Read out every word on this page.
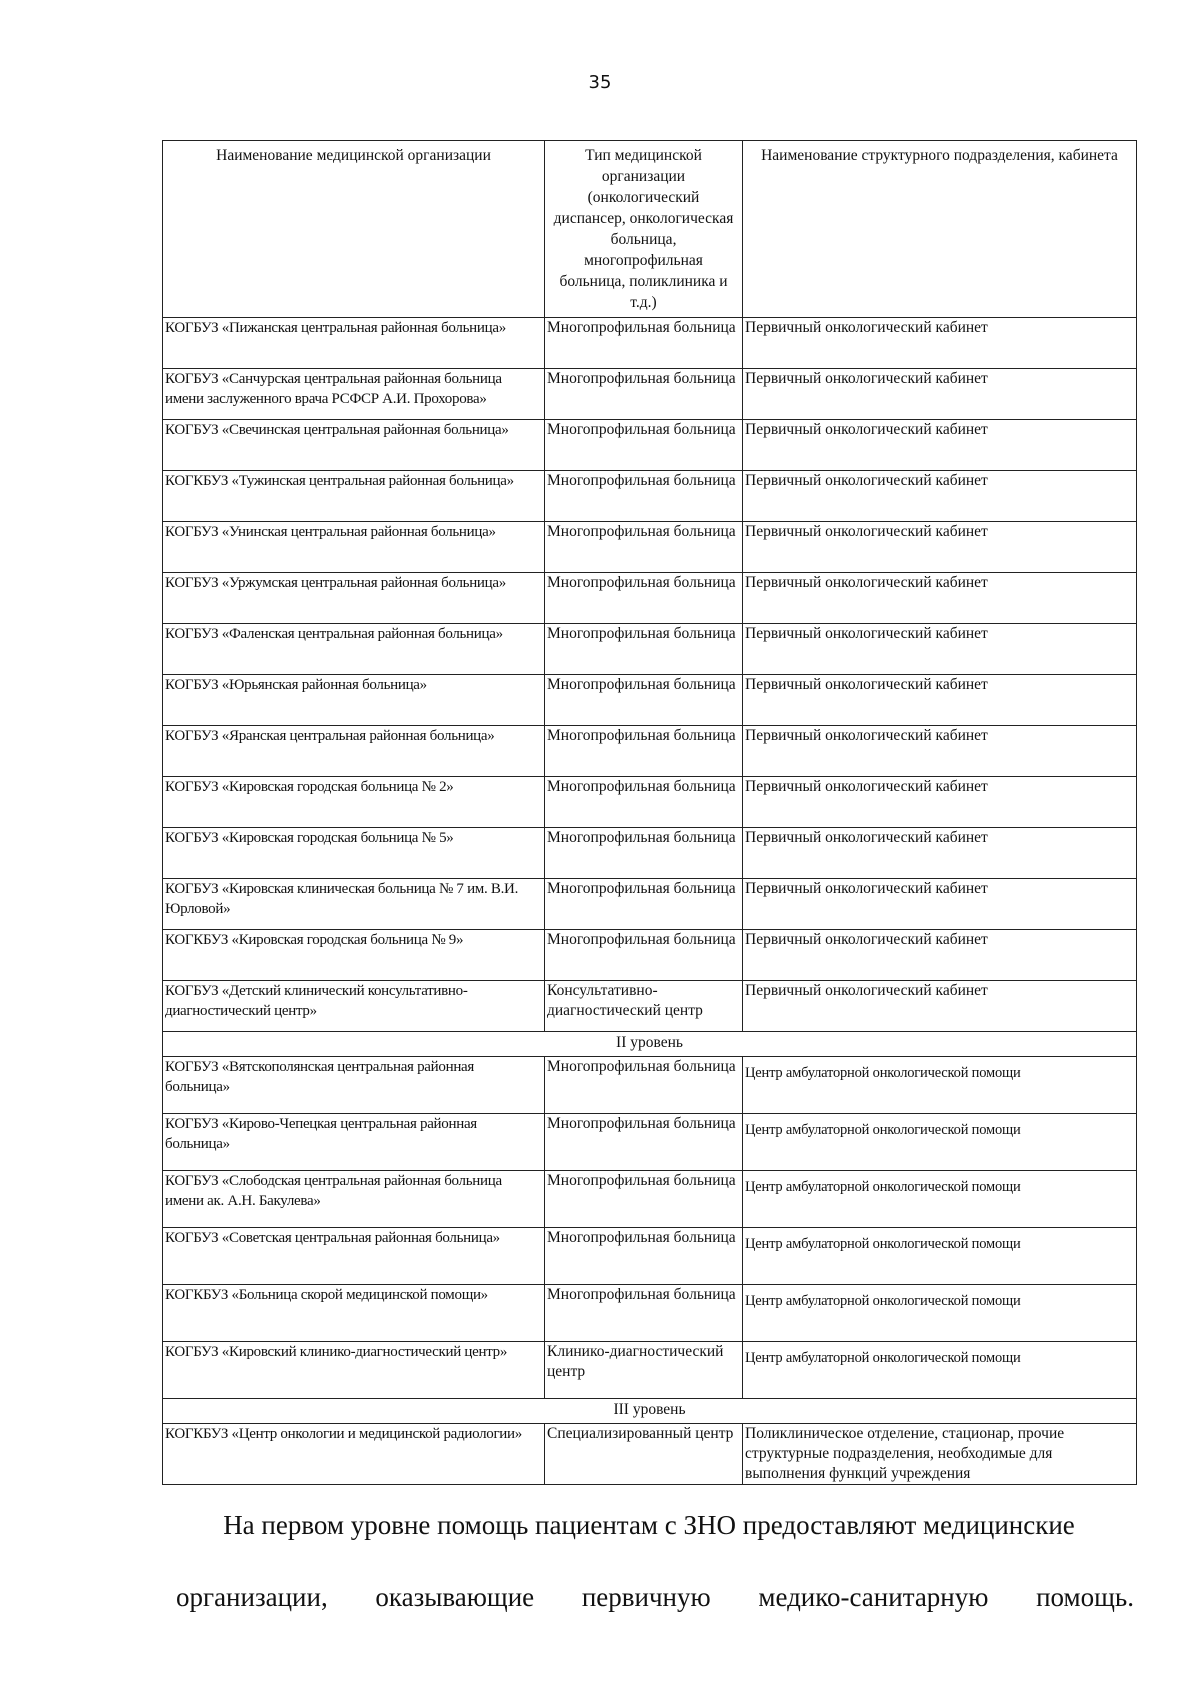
35
Наименование медицинской организации	Тип медицинской организации (онкологический диспансер, онкологическая больница, многопрофильная больница, поликлиника и т.д.)	Наименование структурного подразделения, кабинета
КОГБУЗ «Пижанская центральная районная больница»	Многопрофильная больница	Первичный онкологический кабинет
КОГБУЗ «Санчурская центральная районная больница имени заслуженного врача РСФСР А.И. Прохорова»	Многопрофильная больница	Первичный онкологический кабинет
КОГБУЗ «Свечинская центральная районная больница»	Многопрофильная больница	Первичный онкологический кабинет
КОГКБУЗ «Тужинская центральная районная больница»	Многопрофильная больница	Первичный онкологический кабинет
КОГБУЗ «Унинская центральная районная больница»	Многопрофильная больница	Первичный онкологический кабинет
КОГБУЗ «Уржумская центральная районная больница»	Многопрофильная больница	Первичный онкологический кабинет
КОГБУЗ «Фаленская центральная районная больница»	Многопрофильная больница	Первичный онкологический кабинет
КОГБУЗ «Юрьянская районная больница»	Многопрофильная больница	Первичный онкологический кабинет
КОГБУЗ «Яранская центральная районная больница»	Многопрофильная больница	Первичный онкологический кабинет
КОГБУЗ «Кировская городская больница № 2»	Многопрофильная больница	Первичный онкологический кабинет
КОГБУЗ «Кировская городская больница № 5»	Многопрофильная больница	Первичный онкологический кабинет
КОГБУЗ «Кировская клиническая больница № 7 им. В.И. Юрловой»	Многопрофильная больница	Первичный онкологический кабинет
КОГКБУЗ «Кировская городская больница № 9»	Многопрофильная больница	Первичный онкологический кабинет
КОГБУЗ «Детский клинический консультативно-диагностический центр»	Консультативно-диагностический центр	Первичный онкологический кабинет
II уровень		
КОГБУЗ «Вятскополянская центральная районная больница»	Многопрофильная больница	Центр амбулаторной онкологической помощи
КОГБУЗ «Кирово-Чепецкая центральная районная больница»	Многопрофильная больница	Центр амбулаторной онкологической помощи
КОГБУЗ «Слободская центральная районная больница имени ак. А.Н. Бакулева»	Многопрофильная больница	Центр амбулаторной онкологической помощи
КОГБУЗ «Советская центральная районная больница»	Многопрофильная больница	Центр амбулаторной онкологической помощи
КОГКБУЗ «Больница скорой медицинской помощи»	Многопрофильная больница	Центр амбулаторной онкологической помощи
КОГБУЗ «Кировский клинико-диагностический центр»	Клинико-диагностический центр	Центр амбулаторной онкологической помощи
III уровень		
КОГКБУЗ «Центр онкологии и медицинской радиологии»	Специализированный центр	Поликлиническое отделение, стационар, прочие структурные подразделения, необходимые для выполнения функций учреждения
На первом уровне помощь пациентам с ЗНО предоставляют медицинские
организации, оказывающие первичную медико-санитарную помощь.
